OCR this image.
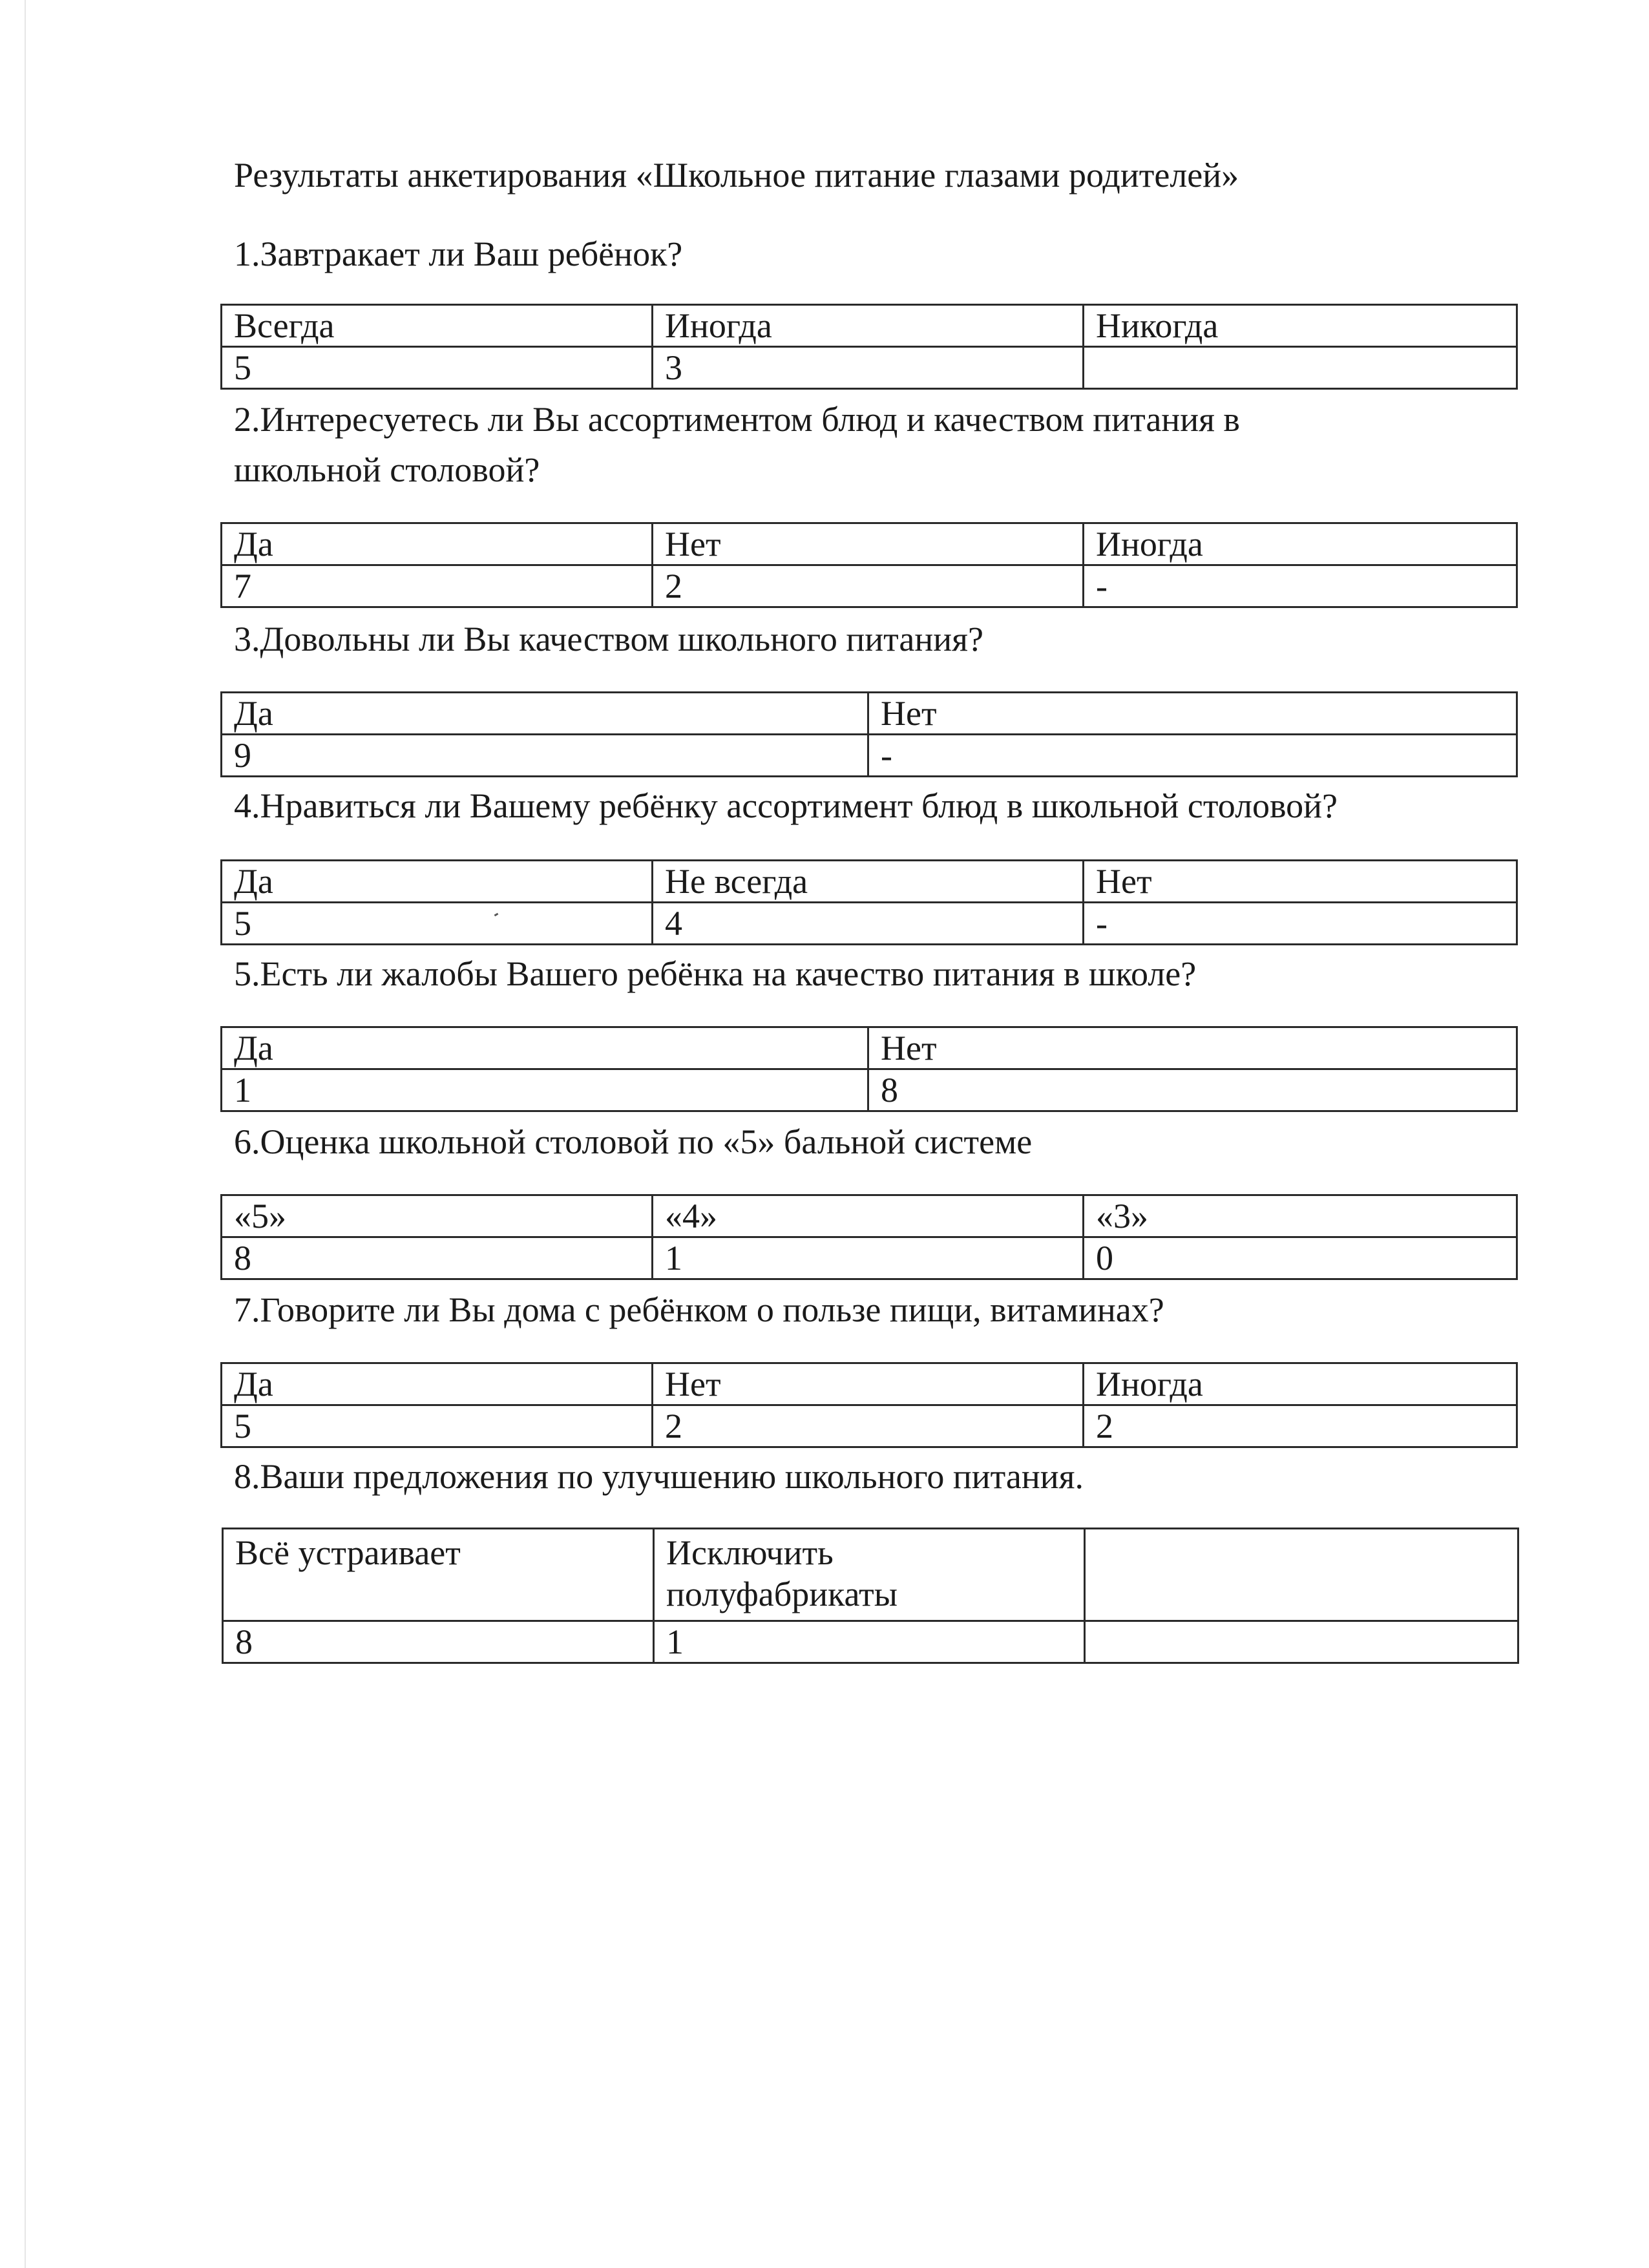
Результаты анкетирования «Школьное питание глазами родителей»

1.Завтракает ли Ваш ребёнок?

Всегда	Иногда	Никогда
5	3	

2.Интересуетесь ли Вы ассортиментом блюд и качеством питания в

школьной столовой?

Да	Нет	Иногда
7	2	-

3.Довольны ли Вы качеством школьного питания?

Да	Нет
9	-

4.Нравиться ли Вашему ребёнку ассортимент блюд в школьной столовой?

Да	Не всегда	Нет
5	4	-

5.Есть ли жалобы Вашего ребёнка на качество питания в школе?

Да	Нет
1	8

6.Оценка школьной столовой по «5» бальной системе

«5»	«4»	«3»
8	1	0

7.Говорите ли Вы дома с ребёнком о пользе пищи, витаминах?

Да	Нет	Иногда
5	2	2

8.Ваши предложения по улучшению школьного питания.

Всё устраивает	Исключить полуфабрикаты	
8	1	
